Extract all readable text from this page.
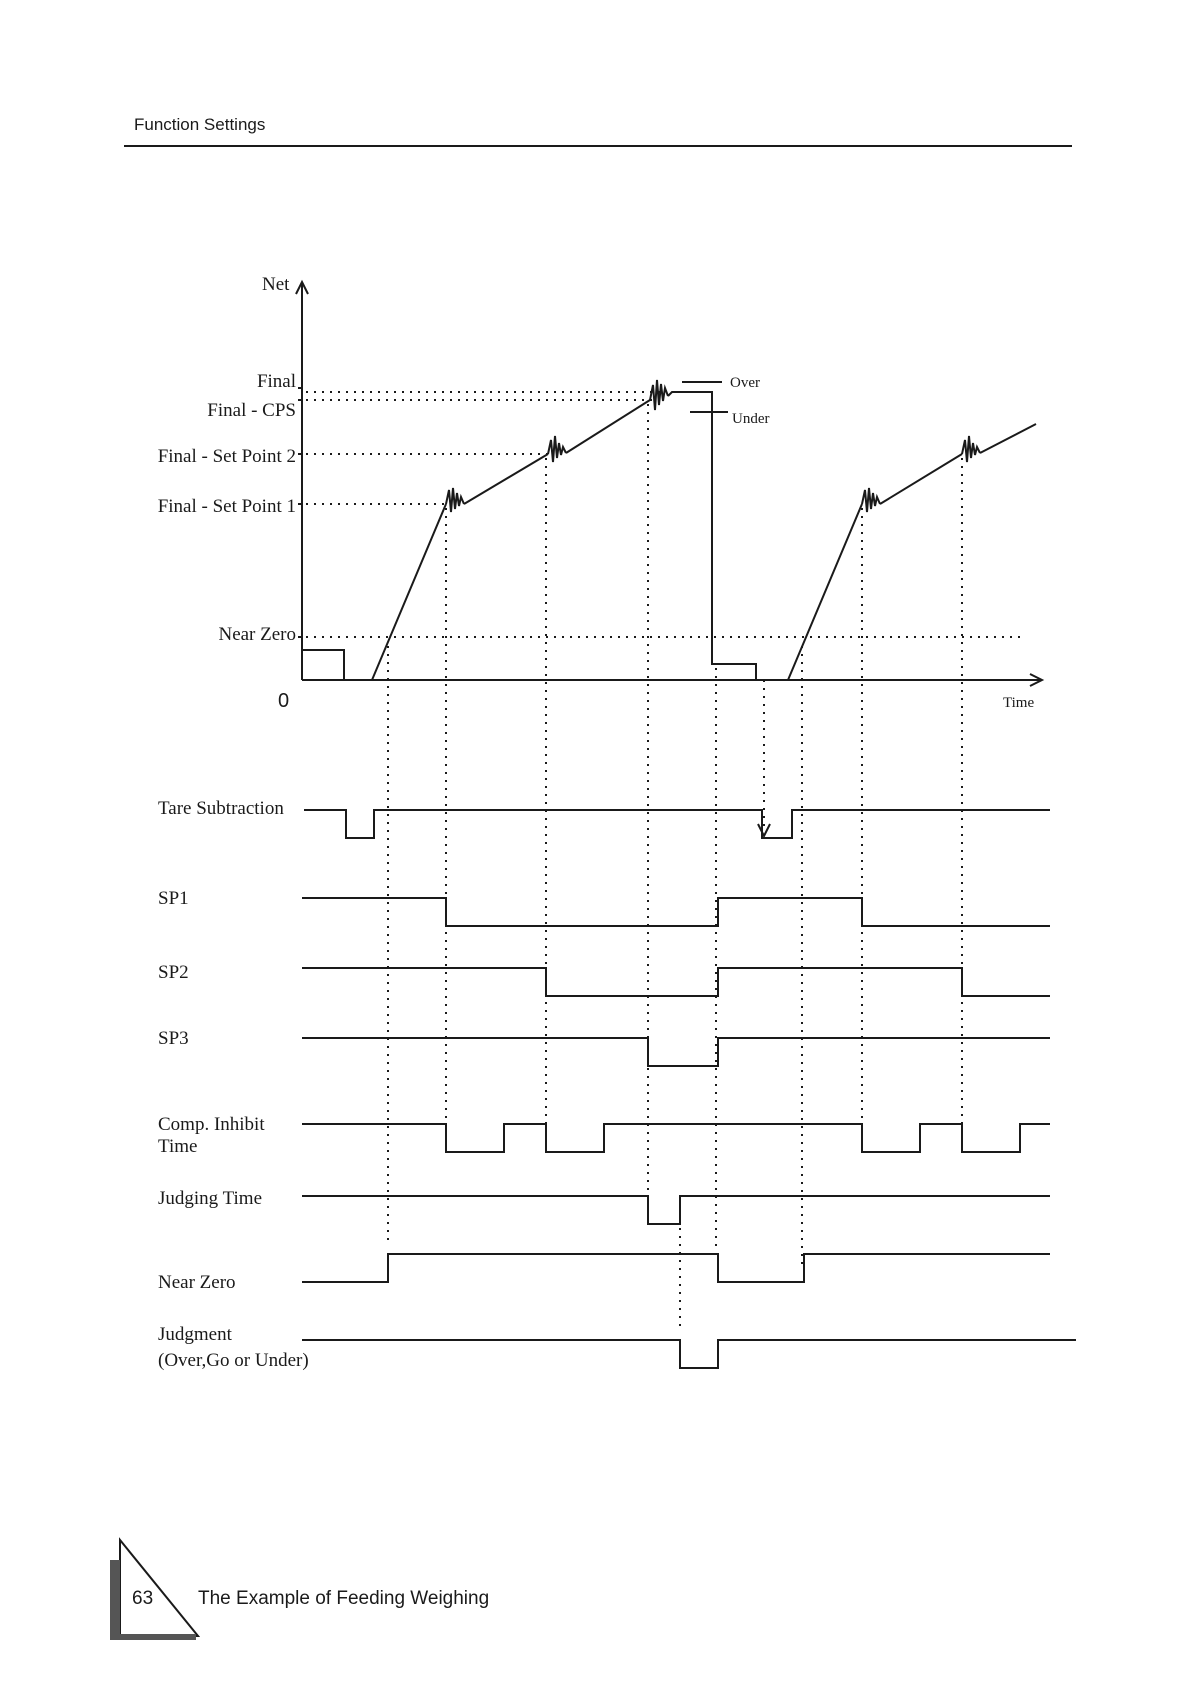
Function Settings
Net
Time
0
Final
Final - CPS
Final - Set Point 2
Final - Set Point 1
Near Zero
Over
Under
Tare Subtraction
SP1
SP2
SP3
Comp. Inhibit
Time
Judging Time
Near Zero
Judgment
(Over,Go or Under)
63 The Example of Feeding Weighing
